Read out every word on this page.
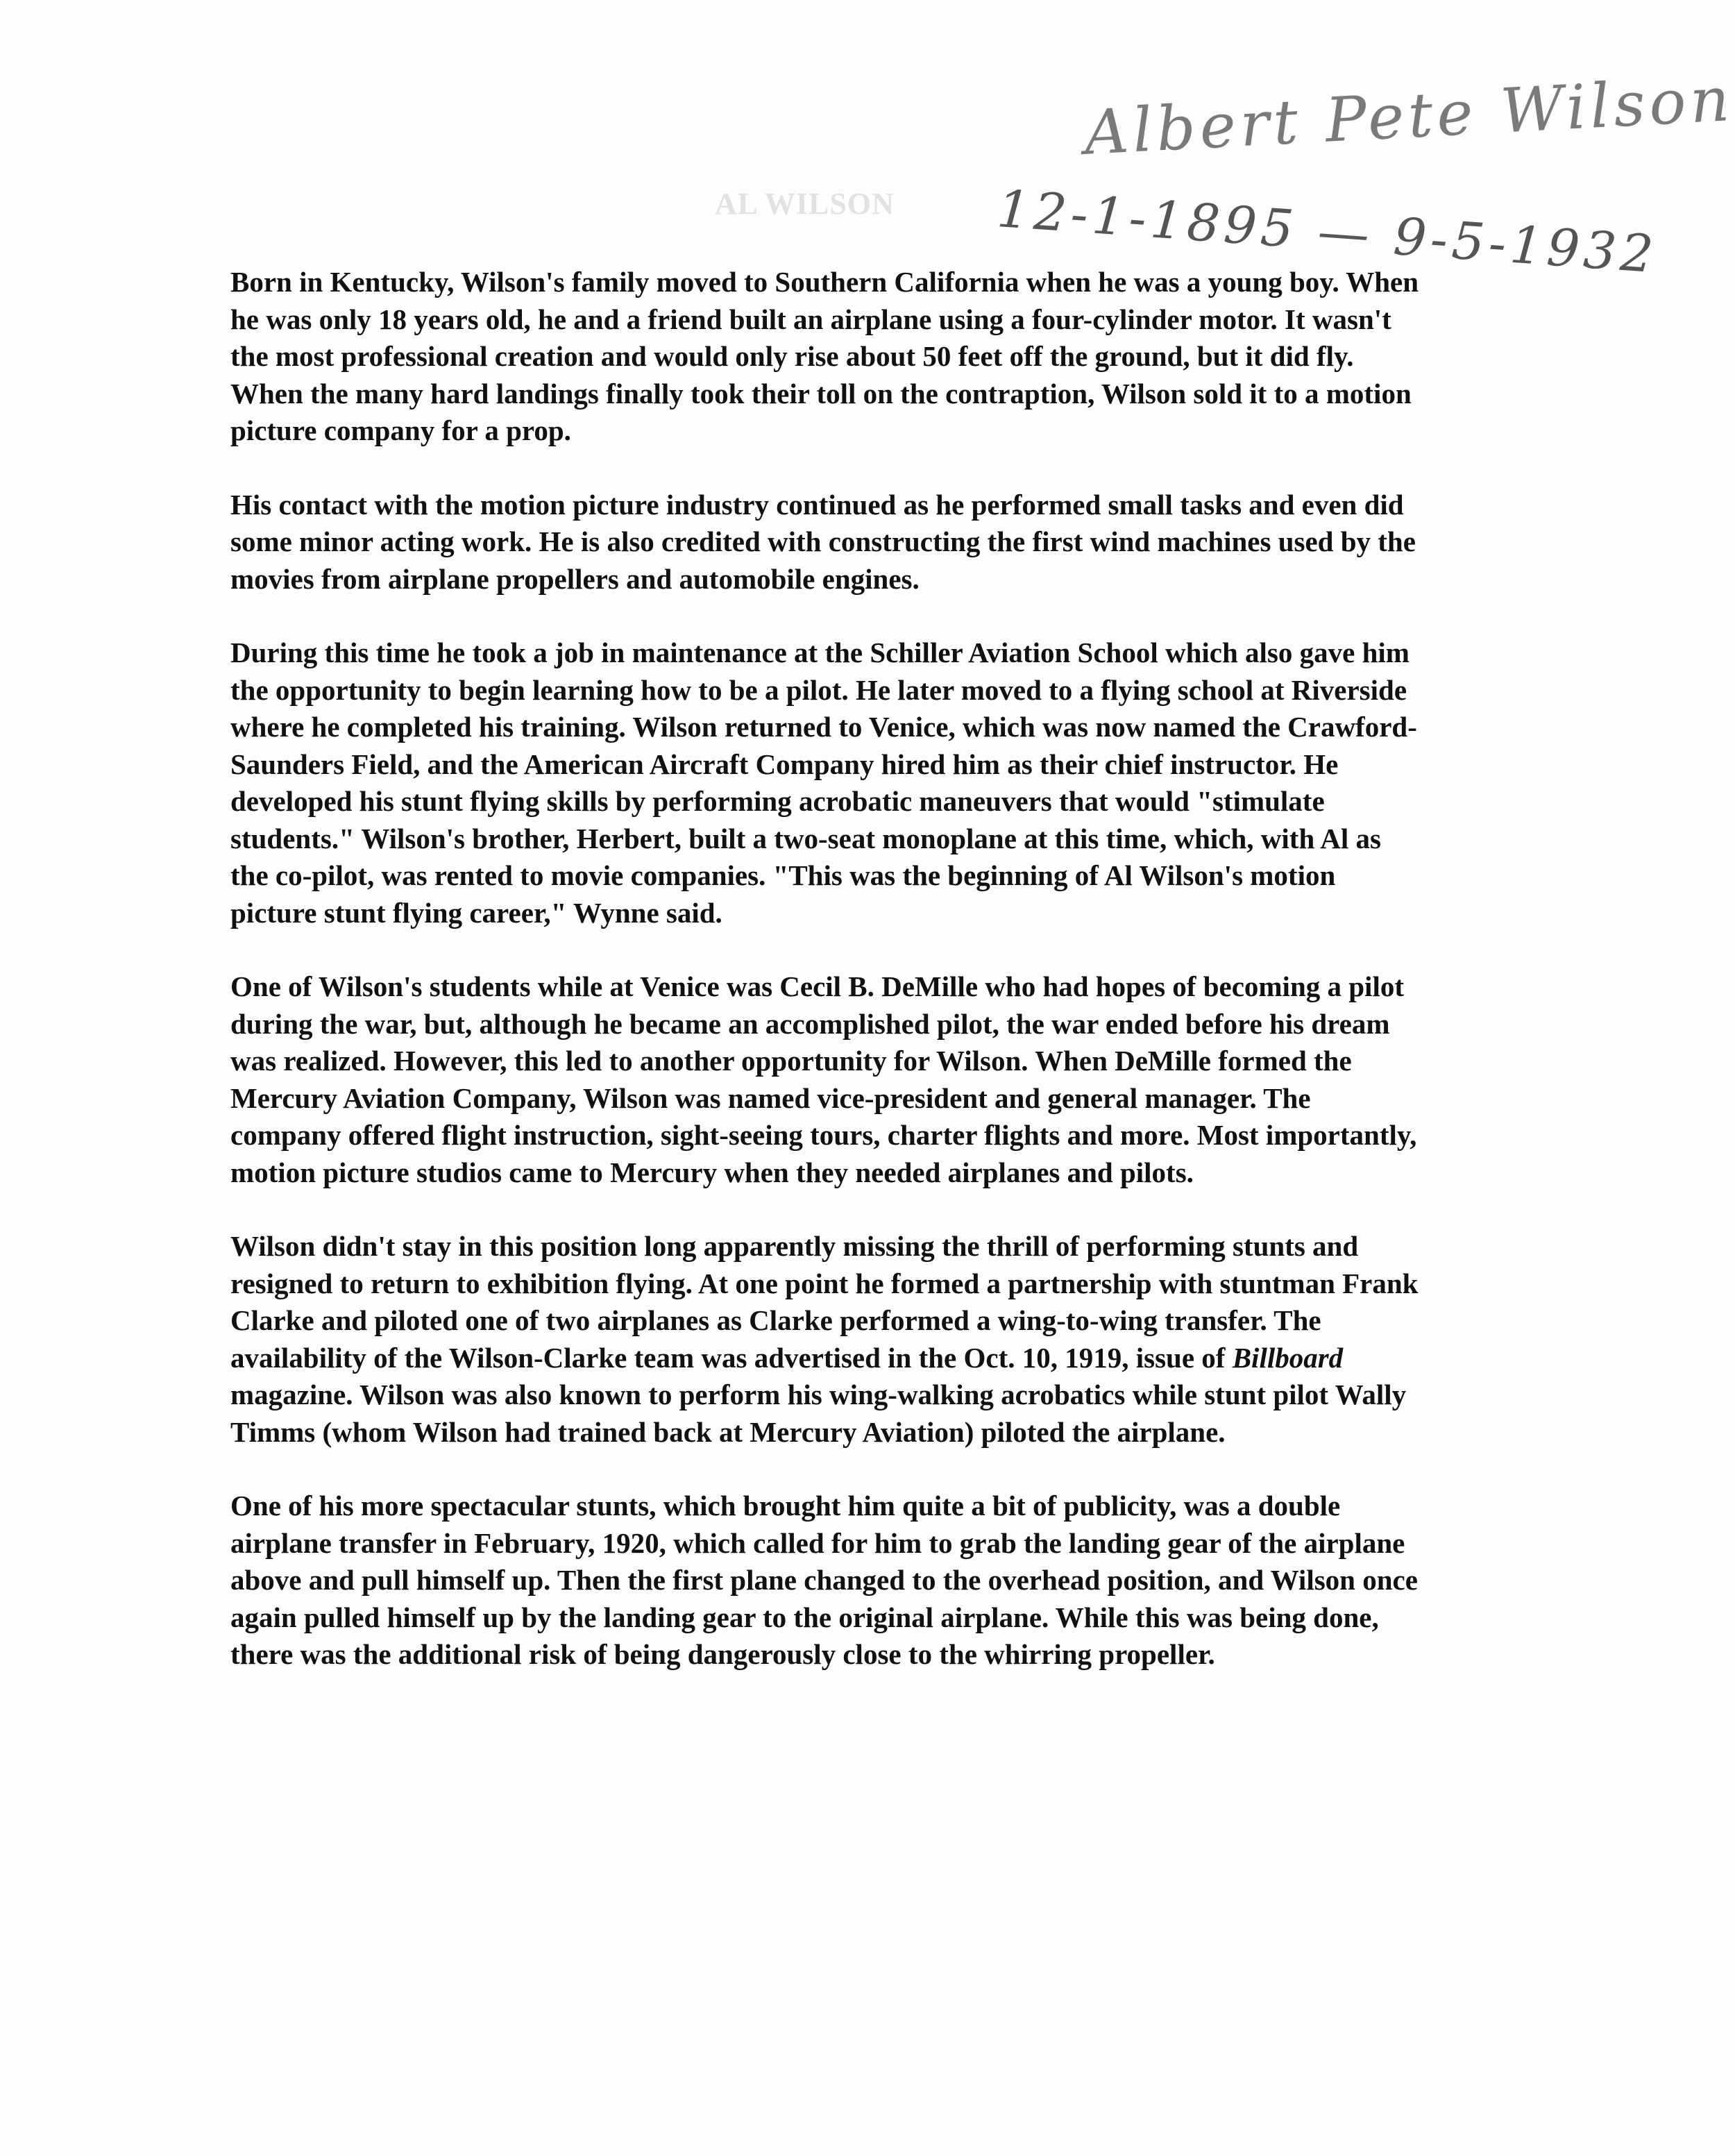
Albert Pete Wilson
12-1-1895 — 9-5-1932
AL WILSON

Born in Kentucky, Wilson's family moved to Southern California when he was a young boy. When he was only 18 years old, he and a friend built an airplane using a four-cylinder motor. It wasn't the most professional creation and would only rise about 50 feet off the ground, but it did fly. When the many hard landings finally took their toll on the contraption, Wilson sold it to a motion picture company for a prop.

His contact with the motion picture industry continued as he performed small tasks and even did some minor acting work. He is also credited with constructing the first wind machines used by the movies from airplane propellers and automobile engines.

During this time he took a job in maintenance at the Schiller Aviation School which also gave him the opportunity to begin learning how to be a pilot. He later moved to a flying school at Riverside where he completed his training. Wilson returned to Venice, which was now named the Crawford-Saunders Field, and the American Aircraft Company hired him as their chief instructor. He developed his stunt flying skills by performing acrobatic maneuvers that would "stimulate students." Wilson's brother, Herbert, built a two-seat monoplane at this time, which, with Al as the co-pilot, was rented to movie companies. "This was the beginning of Al Wilson's motion picture stunt flying career," Wynne said.

One of Wilson's students while at Venice was Cecil B. DeMille who had hopes of becoming a pilot during the war, but, although he became an accomplished pilot, the war ended before his dream was realized. However, this led to another opportunity for Wilson. When DeMille formed the Mercury Aviation Company, Wilson was named vice-president and general manager. The company offered flight instruction, sight-seeing tours, charter flights and more. Most importantly, motion picture studios came to Mercury when they needed airplanes and pilots.

Wilson didn't stay in this position long apparently missing the thrill of performing stunts and resigned to return to exhibition flying. At one point he formed a partnership with stuntman Frank Clarke and piloted one of two airplanes as Clarke performed a wing-to-wing transfer. The availability of the Wilson-Clarke team was advertised in the Oct. 10, 1919, issue of Billboard magazine. Wilson was also known to perform his wing-walking acrobatics while stunt pilot Wally Timms (whom Wilson had trained back at Mercury Aviation) piloted the airplane.

One of his more spectacular stunts, which brought him quite a bit of publicity, was a double airplane transfer in February, 1920, which called for him to grab the landing gear of the airplane above and pull himself up. Then the first plane changed to the overhead position, and Wilson once again pulled himself up by the landing gear to the original airplane. While this was being done, there was the additional risk of being dangerously close to the whirring propeller.
